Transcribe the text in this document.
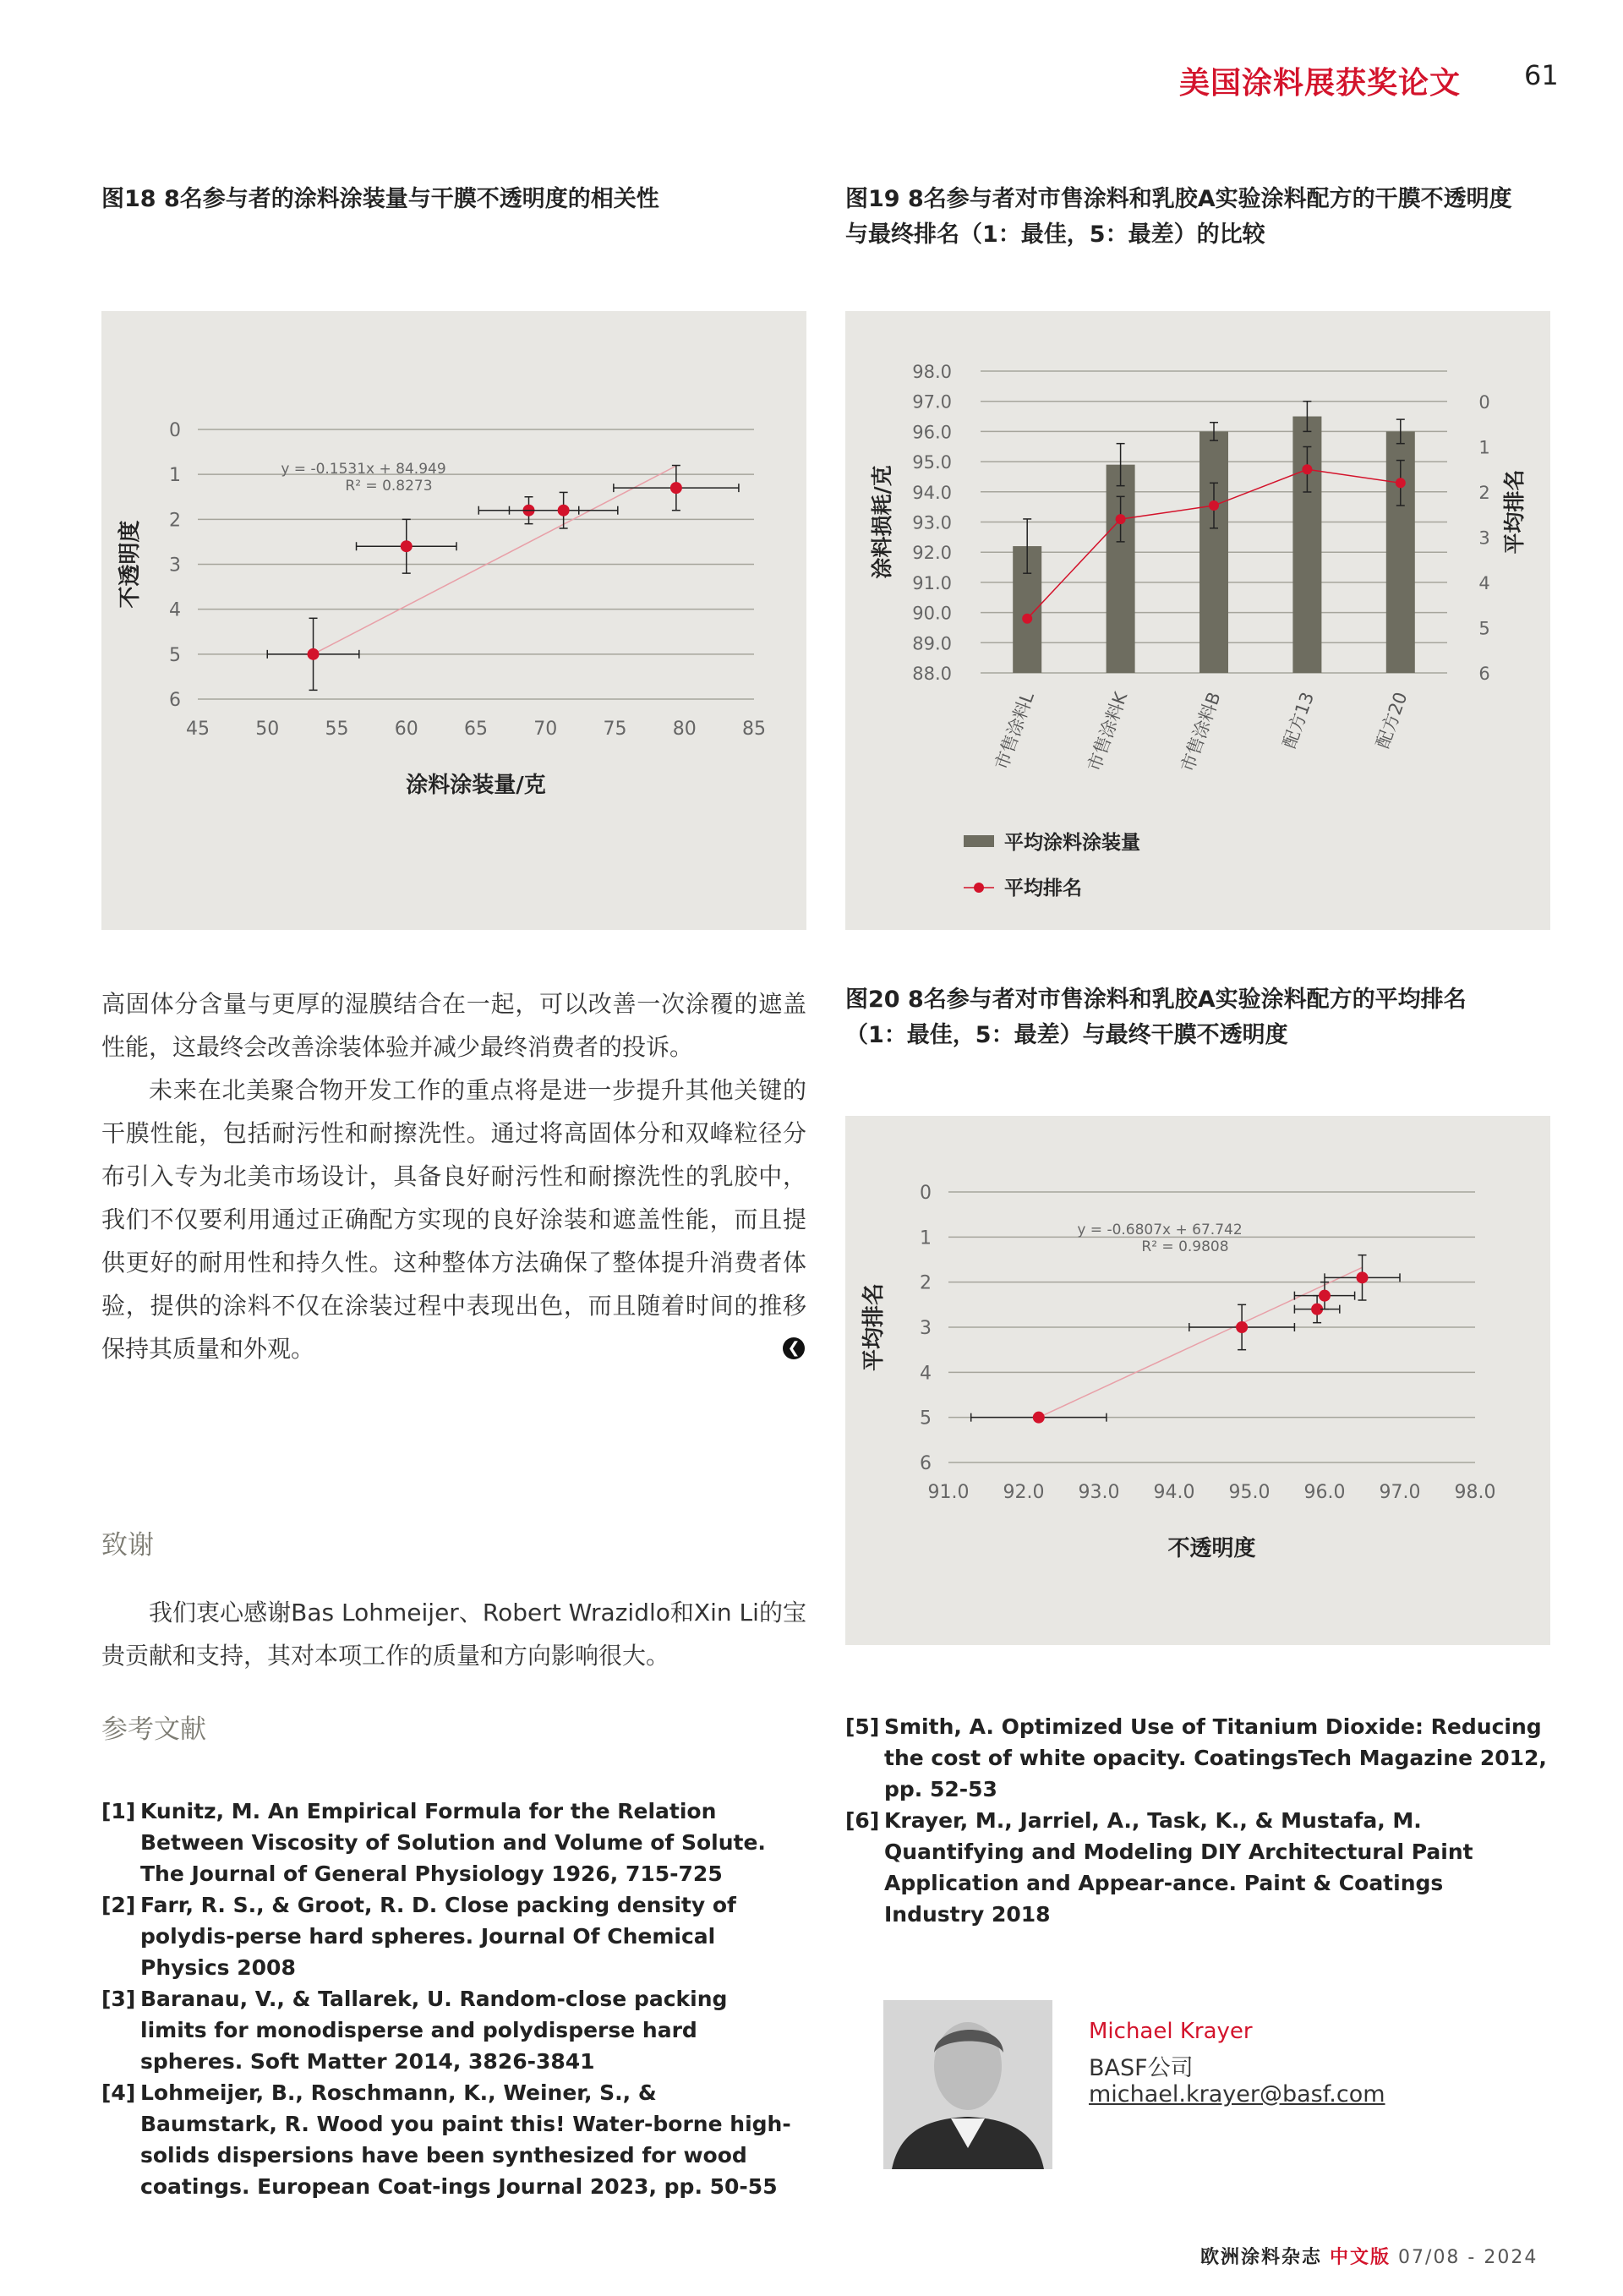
美国涂料展获奖论文 61
图18 8名参与者的涂料涂装量与干膜不透明度的相关性	图19 8名参与者对市售涂料和乳胶A实验涂料配方的干膜不透明度
与最终排名（1：最佳，5：最差）的比较
图20 8名参与者对市售涂料和乳胶A实验涂料配方的平均排名
（1：最佳，5：最差）与最终干膜不透明度
0
1
2
3
4
5
6
45 50 55 60 65 70 75 80 85
y = -0.1531x + 84.949
R² = 0.8273
涂料涂装量/克
不透明度
98.0
97.0
96.0
95.0
94.0
93.0
92.0
91.0
90.0
89.0
88.0
0
1
2
3
4
5
6
市售涂料L	市售涂料K	市售涂料B	配方13	配方20
涂料损耗/克	平均排名
平均涂料涂装量
平均排名
0
1
2
3
4
5
6
91.0 92.0 93.0 94.0 95.0 96.0 97.0 98.0
y = -0.6807x + 67.742
R² = 0.9808
不透明度
平均排名
高固体分含量与更厚的湿膜结合在一起，可以改善一次涂覆的遮盖性能，这最终会改善涂装体验并减少最终消费者的投诉。
未来在北美聚合物开发工作的重点将是进一步提升其他关键的干膜性能，包括耐污性和耐擦洗性。通过将高固体分和双峰粒径分布引入专为北美市场设计，具备良好耐污性和耐擦洗性的乳胶中，我们不仅要利用通过正确配方实现的良好涂装和遮盖性能，而且提供更好的耐用性和持久性。这种整体方法确保了整体提升消费者体验，提供的涂料不仅在涂装过程中表现出色，而且随着时间的推移保持其质量和外观。	❮
致谢
我们衷心感谢Bas Lohmeijer、Robert Wrazidlo和Xin Li的宝贵贡献和支持，其对本项工作的质量和方向影响很大。
参考文献
[1] Kunitz, M. An Empirical Formula for the Relation Between Viscosity of Solution and Volume of Solute. The Journal of General Physiology 1926, 715-725
[2] Farr, R. S., & Groot, R. D. Close packing density of polydis-perse hard spheres. Journal Of Chemical Physics 2008
[3] Baranau, V., & Tallarek, U. Random-close packing limits for monodisperse and polydisperse hard spheres. Soft Matter 2014, 3826-3841
[4] Lohmeijer, B., Roschmann, K., Weiner, S., & Baumstark, R. Wood you paint this! Water-borne high-solids dispersions have been synthesized for wood coatings. European Coat-ings Journal 2023, pp. 50-55
[5] Smith, A. Optimized Use of Titanium Dioxide: Reducing the cost of white opacity. CoatingsTech Magazine 2012, pp. 52-53
[6] Krayer, M., Jarriel, A., Task, K., & Mustafa, M. Quantifying and Modeling DIY Architectural Paint Application and Appear-ance. Paint & Coatings Industry 2018
Michael Krayer
BASF公司
michael.krayer@basf.com
欧洲涂料杂志 中文版 07/08 - 2024
